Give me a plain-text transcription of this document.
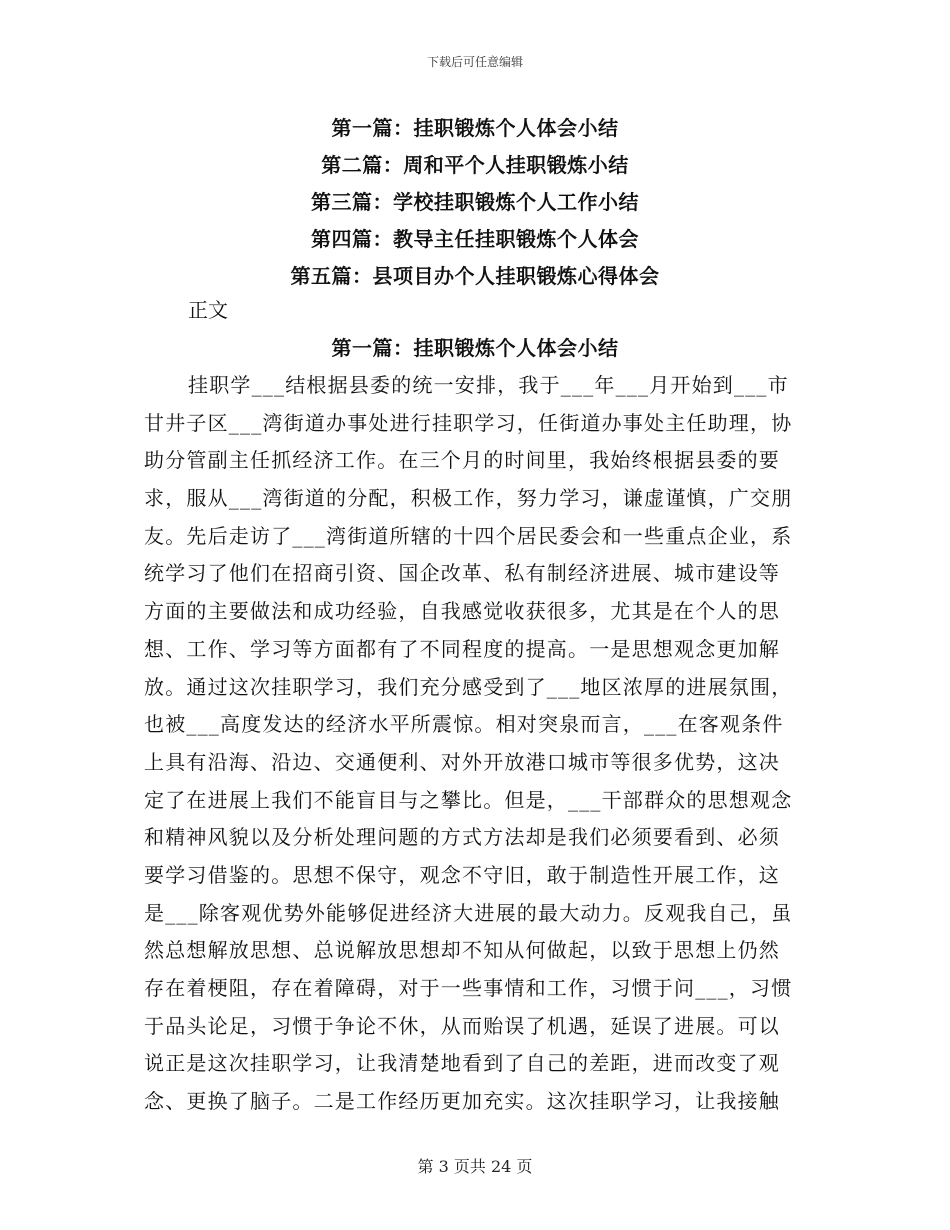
下载后可任意编辑
第一篇：挂职锻炼个人体会小结
第二篇：周和平个人挂职锻炼小结
第三篇：学校挂职锻炼个人工作小结
第四篇：教导主任挂职锻炼个人体会
第五篇：县项目办个人挂职锻炼心得体会
正文
第一篇：挂职锻炼个人体会小结
挂职学___结根据县委的统一安排，我于___年___月开始到___市
甘井子区___湾街道办事处进行挂职学习，任街道办事处主任助理，协
助分管副主任抓经济工作。在三个月的时间里，我始终根据县委的要
求，服从___湾街道的分配，积极工作，努力学习，谦虚谨慎，广交朋
友。先后走访了___湾街道所辖的十四个居民委会和一些重点企业，系
统学习了他们在招商引资、国企改革、私有制经济进展、城市建设等
方面的主要做法和成功经验，自我感觉收获很多，尤其是在个人的思
想、工作、学习等方面都有了不同程度的提高。一是思想观念更加解
放。通过这次挂职学习，我们充分感受到了___地区浓厚的进展氛围，
也被___高度发达的经济水平所震惊。相对突泉而言，___在客观条件
上具有沿海、沿边、交通便利、对外开放港口城市等很多优势，这决
定了在进展上我们不能盲目与之攀比。但是，___干部群众的思想观念
和精神风貌以及分析处理问题的方式方法却是我们必须要看到、必须
要学习借鉴的。思想不保守，观念不守旧，敢于制造性开展工作，这
是___除客观优势外能够促进经济大进展的最大动力。反观我自己，虽
然总想解放思想、总说解放思想却不知从何做起，以致于思想上仍然
存在着梗阻，存在着障碍，对于一些事情和工作，习惯于问___，习惯
于品头论足，习惯于争论不休，从而贻误了机遇，延误了进展。可以
说正是这次挂职学习，让我清楚地看到了自己的差距，进而改变了观
念、更换了脑子。二是工作经历更加充实。这次挂职学习，让我接触
第 3 页共 24 页
